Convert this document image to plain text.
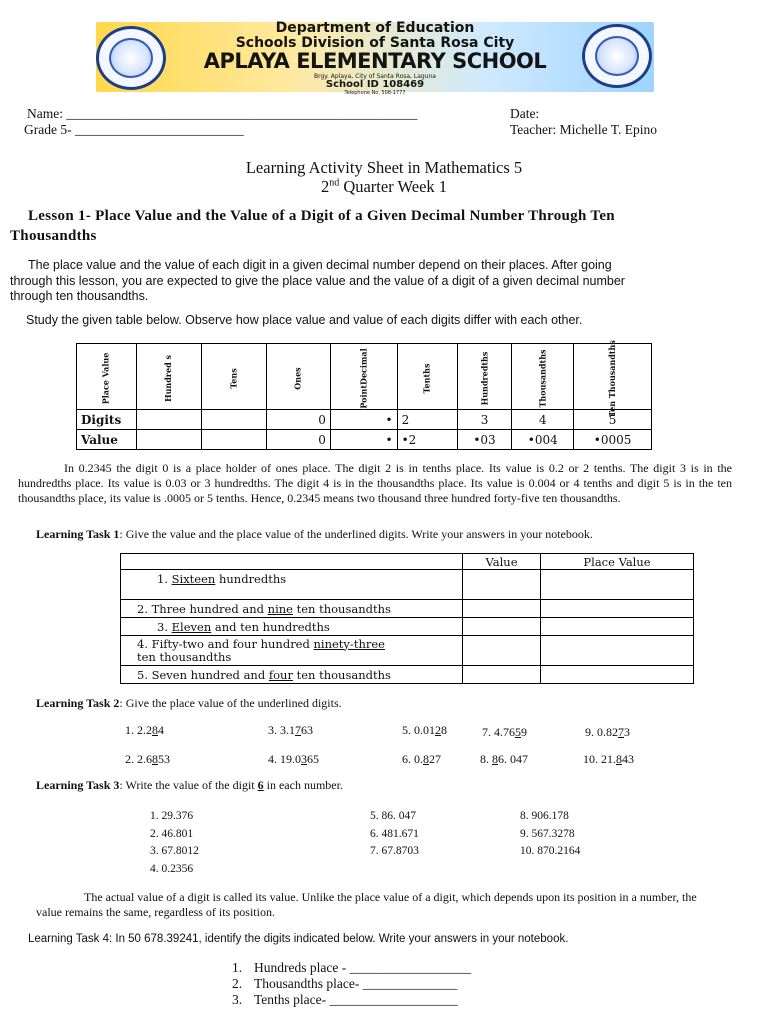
Department of Education
Schools Division of Santa Rosa City
APLAYA ELEMENTARY SCHOOL
Brgy. Aplaya, City of Santa Rosa, Laguna
School ID 108469
Telephone No. 508-1777
Name: ____________________________________________________	Date:
Grade 5- _________________________	Teacher: Michelle T. Epino
Learning Activity Sheet in Mathematics 5
2nd Quarter Week 1
Lesson 1- Place Value and the Value of a Digit of a Given Decimal Number Through Ten Thousandths
The place value and the value of each digit in a given decimal number depend on their places. After going through this lesson, you are expected to give the place value and the value of a digit of a given decimal number through ten thousandths.
Study the given table below. Observe how place value and value of each digits differ with each other.
Place Value	Hundred s	Tens	Ones	PointDecimal	Tenths	Hundredths	Thousandths	Ten Thousandths
Digits			0	•	2	3	4	5
Value			0	•	•2	•03	•004	•0005
In 0.2345 the digit 0 is a place holder of ones place. The digit 2 is in tenths place. Its value is 0.2 or 2 tenths. The digit 3 is in the hundredths place. Its value is 0.03 or 3 hundredths. The digit 4 is in the thousandths place. Its value is 0.004 or 4 tenths and digit 5 is in the ten thousandths place, its value is .0005 or 5 tenths. Hence, 0.2345 means two thousand three hundred forty-five ten thousandths.
Learning Task 1: Give the value and the place value of the underlined digits. Write your answers in your notebook.
	Value	Place Value
1. Sixteen hundredths		
2. Three hundred and nine ten thousandths		
3. Eleven and ten hundredths		
4. Fifty-two and four hundred ninety-three ten thousandths		
5. Seven hundred and four ten thousandths		
Learning Task 2: Give the place value of the underlined digits.
1. 2.284	3. 3.1763	5. 0.0128	7. 4.7659	9. 0.8273
2. 2.6853	4. 19.0365	6. 0.827	8. 86. 047	10. 21.843
Learning Task 3: Write the value of the digit 6 in each number.
1. 29.376
2. 46.801
3. 67.8012
4. 0.2356
5. 86. 047
6. 481.671
7. 67.8703
8. 906.178
9. 567.3278
10. 870.2164
The actual value of a digit is called its value. Unlike the place value of a digit, which depends upon its position in a number, the value remains the same, regardless of its position.
Learning Task 4: In 50 678.39241, identify the digits indicated below. Write your answers in your notebook.
1. Hundreds place - __________________
2. Thousandths place- ______________
3. Tenths place- ___________________
